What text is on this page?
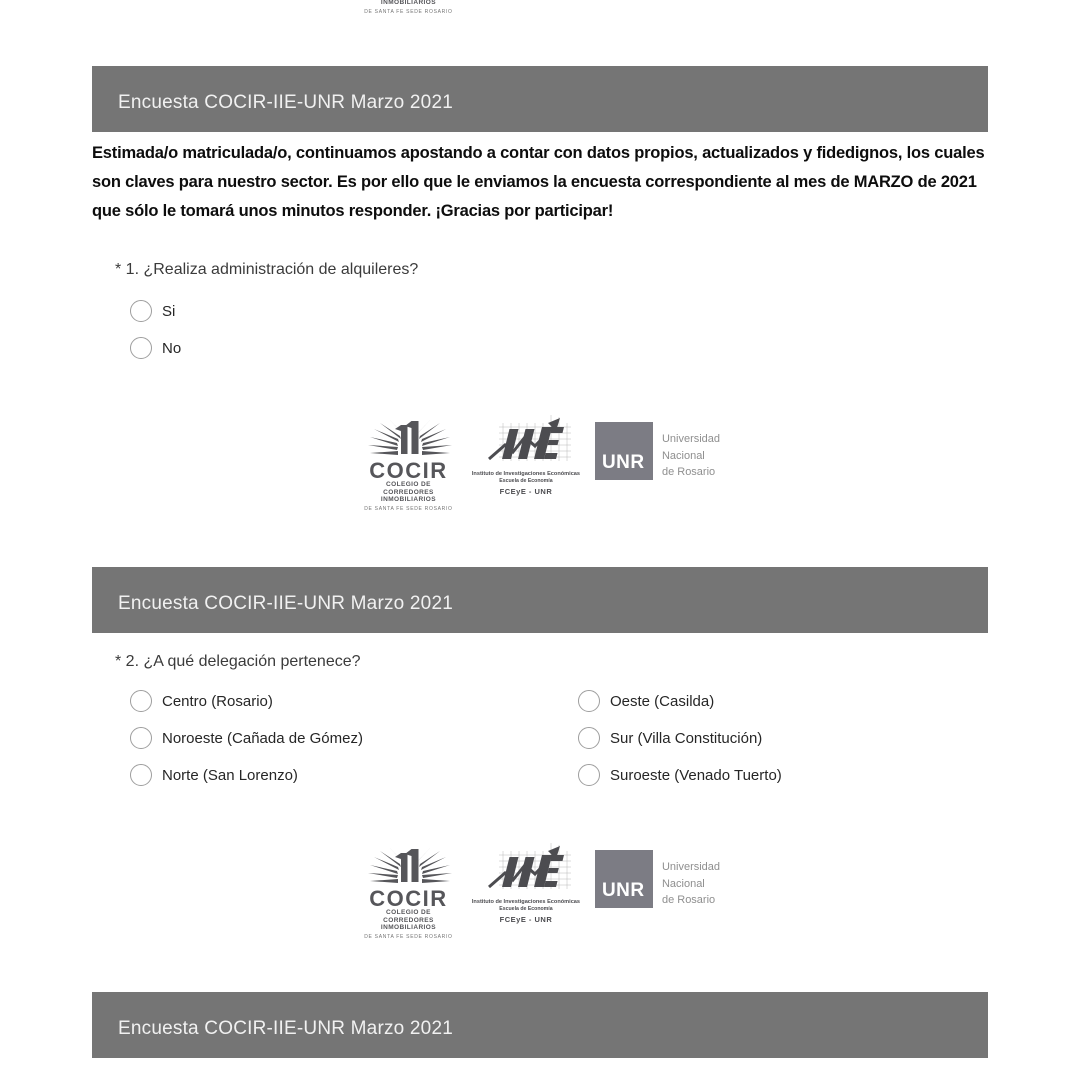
INMOBILIARIOS
DE SANTA FE SEDE ROSARIO
Encuesta COCIR-IIE-UNR Marzo 2021
Estimada/o matriculada/o, continuamos apostando a contar con datos propios, actualizados y fidedignos, los cuales son claves para nuestro sector. Es por ello que le enviamos la encuesta correspondiente al mes de MARZO de 2021 que sólo le tomará unos minutos responder. ¡Gracias por participar!
* 1. ¿Realiza administración de alquileres?
Si
No
COCIR
COLEGIO DE CORREDORES
INMOBILIARIOS
DE SANTA FE SEDE ROSARIO
Instituto de Investigaciones Económicas
Escuela de Economía
FCEyE - UNR
UNR
Universidad
Nacional
de Rosario
Encuesta COCIR-IIE-UNR Marzo 2021
* 2. ¿A qué delegación pertenece?
Centro (Rosario)	Oeste (Casilda)
Noroeste (Cañada de Gómez)	Sur (Villa Constitución)
Norte (San Lorenzo)	Suroeste (Venado Tuerto)
COCIR
COLEGIO DE CORREDORES
INMOBILIARIOS
DE SANTA FE SEDE ROSARIO
Instituto de Investigaciones Económicas
Escuela de Economía
FCEyE - UNR
UNR
Universidad
Nacional
de Rosario
Encuesta COCIR-IIE-UNR Marzo 2021
